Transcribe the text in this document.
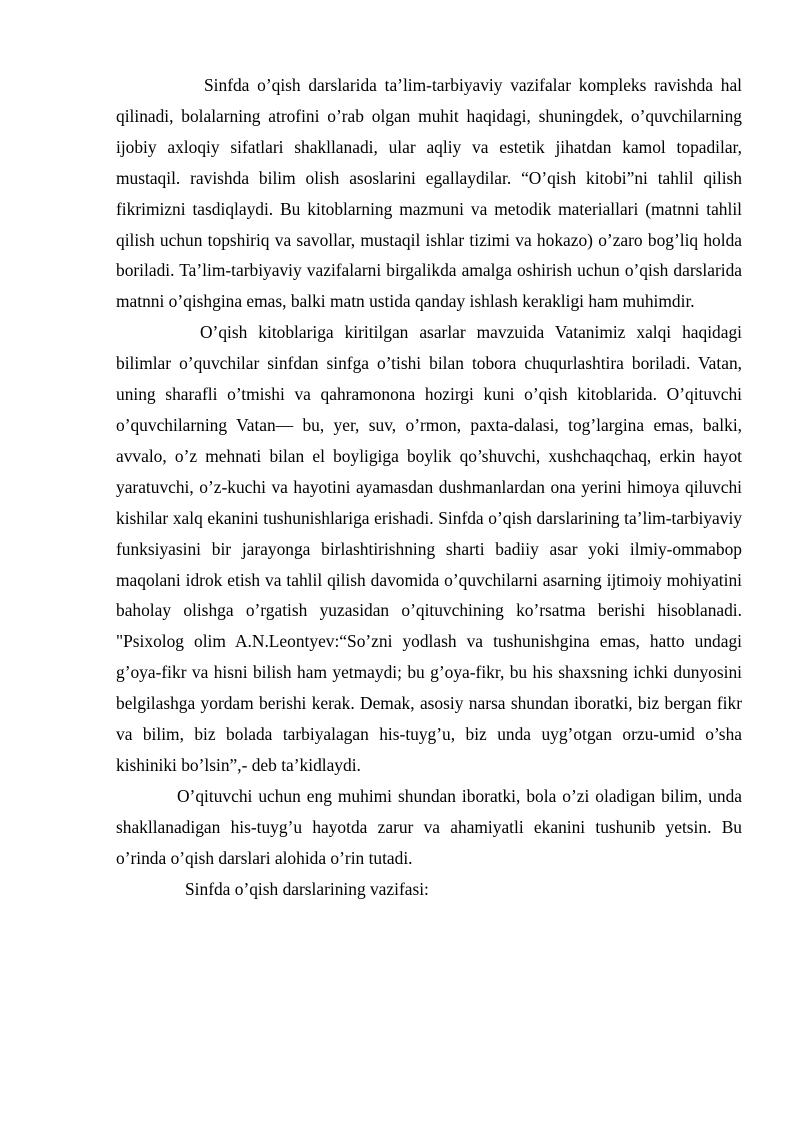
Sinfda o’qish darslarida ta’lim-tarbiyaviy vazifalar kompleks ravishda hal qilinadi, bolalarning atrofini o’rab olgan muhit haqidagi, shuningdek, o’quvchilarning ijobiy axloqiy sifatlari shakllanadi, ular aqliy va estetik jihatdan kamol topadilar, mustaqil. ravishda bilim olish asoslarini egallaydilar. “O’qish kitobi”ni tahlil qilish fikrimizni tasdiqlaydi. Bu kitoblarning mazmuni va metodik materiallari (matnni tahlil qilish uchun topshiriq va savollar, mustaqil ishlar tizimi va hokazo) o’zaro bog’liq holda boriladi. Ta’lim-tarbiyaviy vazifalarni birgalikda amalga oshirish uchun o’qish darslarida matnni o’qishgina emas, balki matn ustida qanday ishlash kerakligi ham muhimdir.

O’qish kitoblariga kiritilgan asarlar mavzuida Vatanimiz xalqi haqidagi bilimlar o’quvchilar sinfdan sinfga o’tishi bilan tobora chuqurlashtira boriladi. Vatan, uning sharafli o’tmishi va qahramonona hozirgi kuni o’qish kitoblarida. O’qituvchi o’quvchilarning Vatan— bu, yer, suv, o’rmon, paxta-dalasi, tog’largina emas, balki, avvalo, o’z mehnati bilan el boyligiga boylik qo’shuvchi, xushchaqchaq, erkin hayot yaratuvchi, o’z-kuchi va hayotini ayamasdan dushmanlardan ona yerini himoya qiluvchi kishilar xalq ekanini tushunishlariga erishadi. Sinfda o’qish darslarining ta’lim-tarbiyaviy funksiyasini bir jarayonga birlashtirishning sharti badiiy asar yoki ilmiy-ommabop maqolani idrok etish va tahlil qilish davomida o’quvchilarni asarning ijtimoiy mohiyatini baholay olishga o’rgatish yuzasidan o’qituvchining ko’rsatma berishi hisoblanadi. "Psixolog olim A.N.Leontyev:“So’zni yodlash va tushunishgina emas, hatto undagi g’oya-fikr va hisni bilish ham yetmaydi; bu g’oya-fikr, bu his shaxsning ichki dunyosini belgilashga yordam berishi kerak. Demak, asosiy narsa shundan iboratki, biz bergan fikr va bilim, biz bolada tarbiyalagan his-tuyg’u, biz unda uyg’otgan orzu-umid o’sha kishiniki bo’lsin”,- deb ta’kidlaydi.

O’qituvchi uchun eng muhimi shundan iboratki, bola o’zi oladigan bilim, unda shakllanadigan his-tuyg’u hayotda zarur va ahamiyatli ekanini tushunib yetsin. Bu o’rinda o’qish darslari alohida o’rin tutadi.

Sinfda o’qish darslarining vazifasi:
